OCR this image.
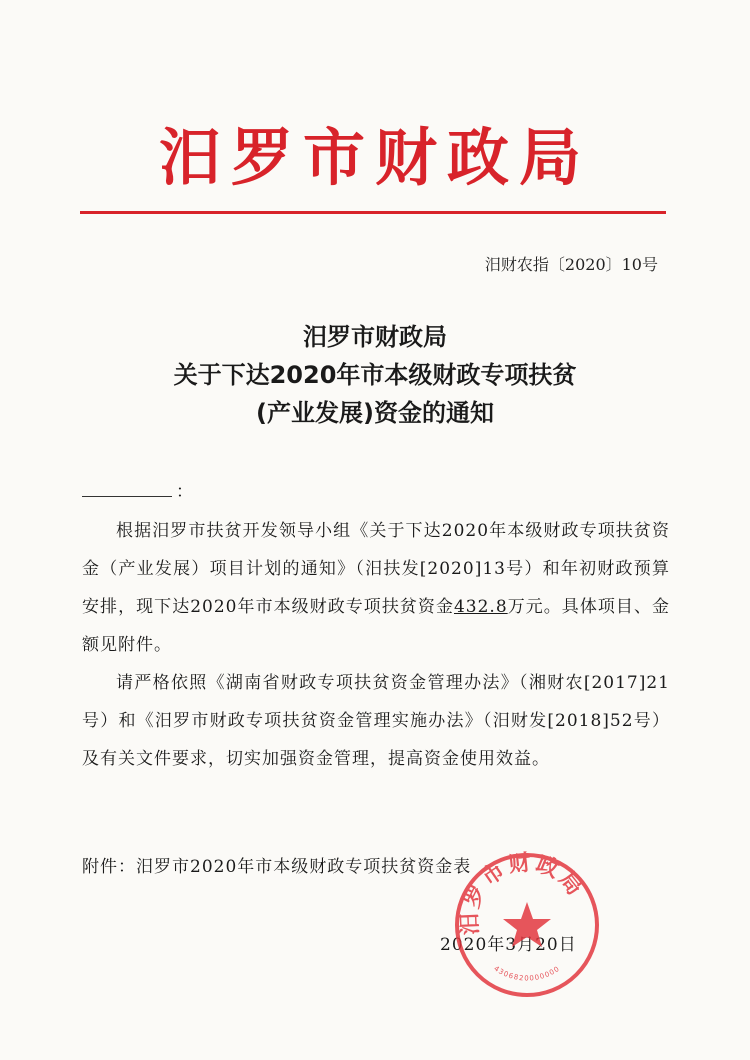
汨罗市财政局
汨财农指〔2020〕10号
汨罗市财政局
关于下达2020年市本级财政专项扶贫
(产业发展)资金的通知
：

根据汨罗市扶贫开发领导小组《关于下达2020年本级财政专项扶贫资金（产业发展）项目计划的通知》（汨扶发[2020]13号）和年初财政预算安排，现下达2020年市本级财政专项扶贫资金432.8万元。具体项目、金额见附件。

请严格依照《湖南省财政专项扶贫资金管理办法》（湘财农[2017]21号）和《汨罗市财政专项扶贫资金管理实施办法》（汨财发[2018]52号）及有关文件要求，切实加强资金管理，提高资金使用效益。

附件：汨罗市2020年市本级财政专项扶贫资金表
2020年3月20日
汨罗市财政局
4306820000000
